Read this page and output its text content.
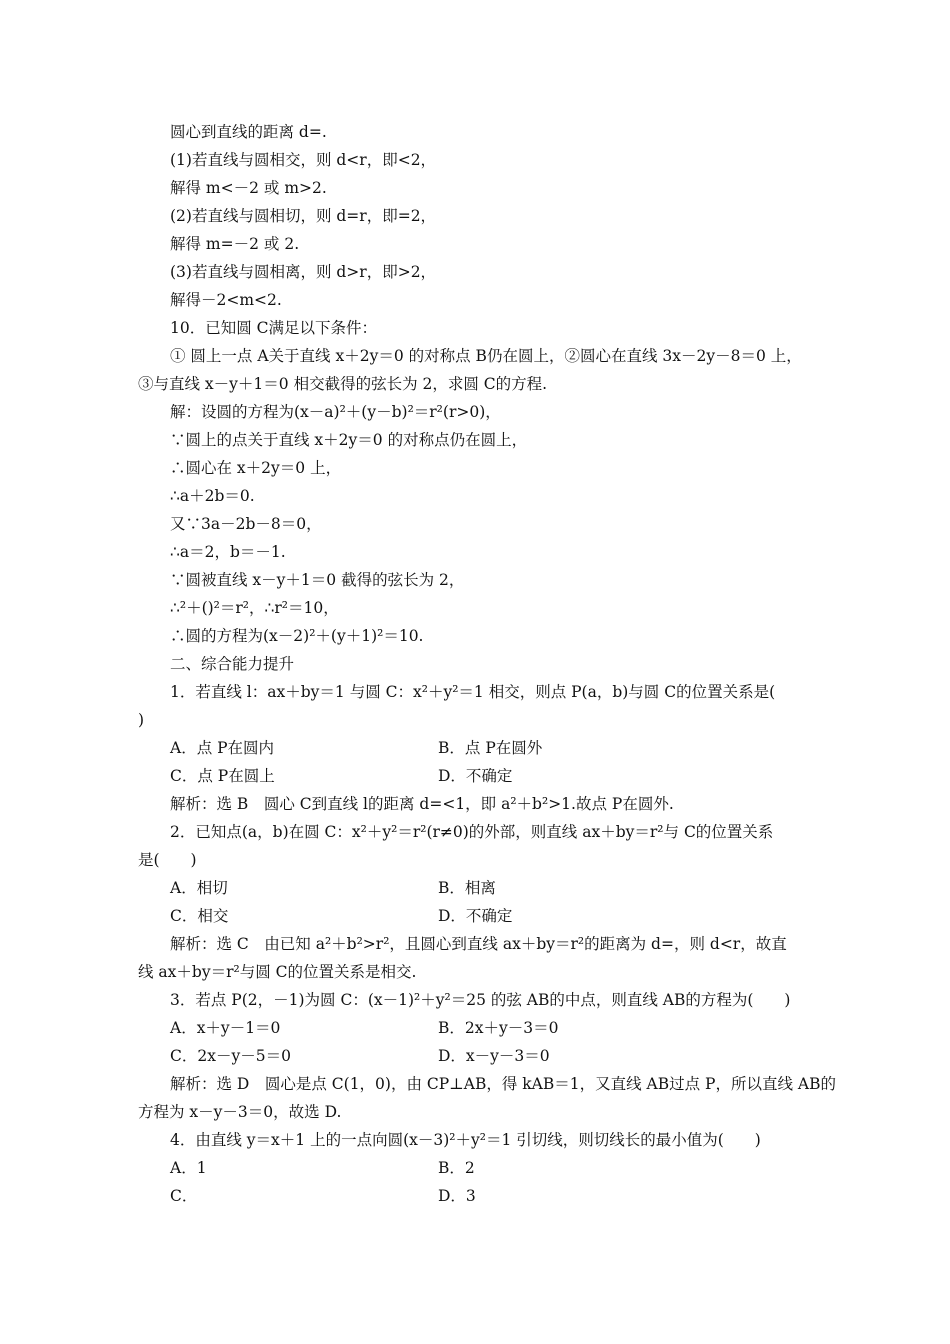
圆心到直线的距离 d=.
(1)若直线与圆相交，则 d<r，即<2，
解得 m<－2 或 m>2.
(2)若直线与圆相切，则 d=r，即=2，
解得 m=－2 或 2.
(3)若直线与圆相离，则 d>r，即>2，
解得－2<m<2.
10．已知圆 C满足以下条件：
① 圆上一点 A关于直线 x＋2y＝0 的对称点 B仍在圆上，②圆心在直线 3x－2y－8＝0 上，
③与直线 x－y＋1＝0 相交截得的弦长为 2，求圆 C的方程.
解：设圆的方程为(x－a)²＋(y－b)²＝r²(r>0)，
∵圆上的点关于直线 x＋2y＝0 的对称点仍在圆上，
∴圆心在 x＋2y＝0 上，
∴a＋2b＝0.
又∵3a－2b－8＝0，
∴a＝2，b＝－1.
∵圆被直线 x－y＋1＝0 截得的弦长为 2，
∴²＋()²＝r²，∴r²＝10，
∴圆的方程为(x－2)²＋(y＋1)²＝10.
二、综合能力提升
1．若直线 l：ax＋by＝1 与圆 C：x²＋y²＝1 相交，则点 P(a，b)与圆 C的位置关系是(
)
A．点 P在圆内	B．点 P在圆外
C．点 P在圆上	D．不确定
解析：选 B　圆心 C到直线 l的距离 d=<1，即 a²＋b²>1.故点 P在圆外.
2．已知点(a，b)在圆 C：x²＋y²＝r²(r≠0)的外部，则直线 ax＋by＝r²与 C的位置关系
是(　　)
A．相切	B．相离
C．相交	D．不确定
解析：选 C　由已知 a²＋b²>r²，且圆心到直线 ax＋by＝r²的距离为 d=，则 d<r，故直
线 ax＋by＝r²与圆 C的位置关系是相交.
3．若点 P(2，－1)为圆 C：(x－1)²＋y²＝25 的弦 AB的中点，则直线 AB的方程为(　　)
A．x＋y－1＝0	B．2x＋y－3＝0
C．2x－y－5＝0	D．x－y－3＝0
解析：选 D　圆心是点 C(1，0)，由 CP⊥AB，得 kAB＝1，又直线 AB过点 P，所以直线 AB的
方程为 x－y－3＝0，故选 D.
4．由直线 y＝x＋1 上的一点向圆(x－3)²＋y²＝1 引切线，则切线长的最小值为(　　)
A．1	B．2
C．	D．3
